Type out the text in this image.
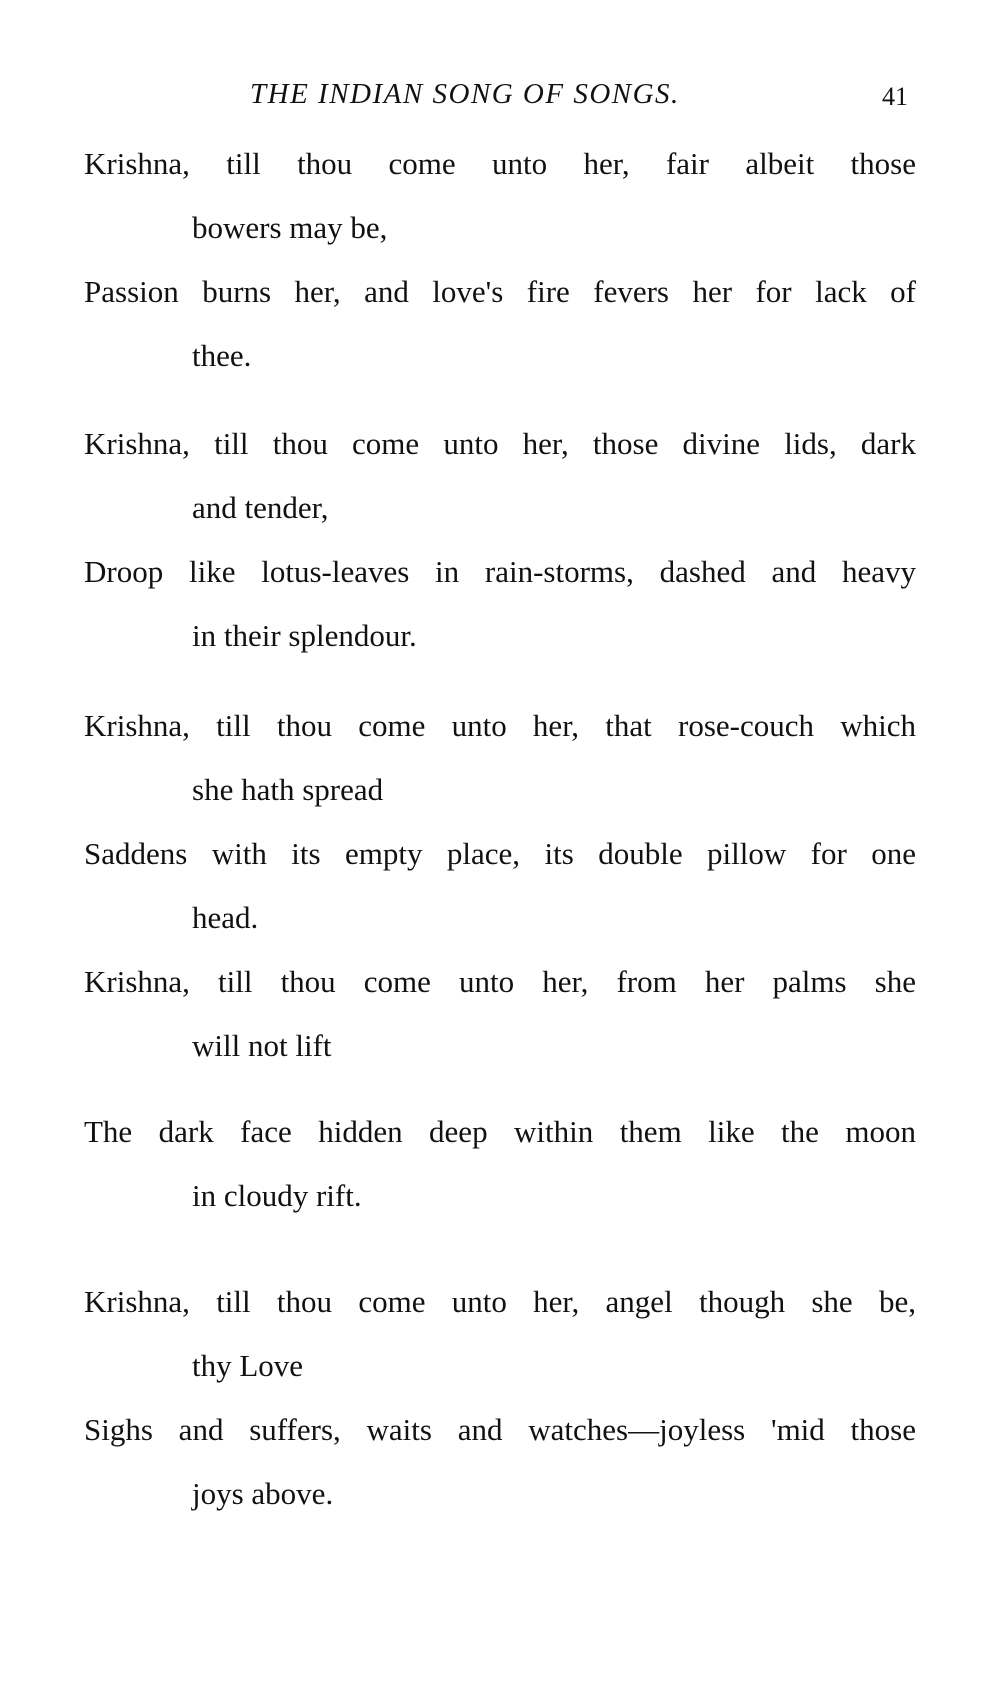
THE INDIAN SONG OF SONGS.	41
Krishna, till thou come unto her, fair albeit those
bowers may be,
Passion burns her, and love's fire fevers her for lack of
thee.
Krishna, till thou come unto her, those divine lids, dark
and tender,
Droop like lotus-leaves in rain-storms, dashed and heavy
in their splendour.
Krishna, till thou come unto her, that rose-couch which
she hath spread
Saddens with its empty place, its double pillow for one
head.
Krishna, till thou come unto her, from her palms she
will not lift
The dark face hidden deep within them like the moon
in cloudy rift.
Krishna, till thou come unto her, angel though she be,
thy Love
Sighs and suffers, waits and watches—joyless 'mid those
joys above.
